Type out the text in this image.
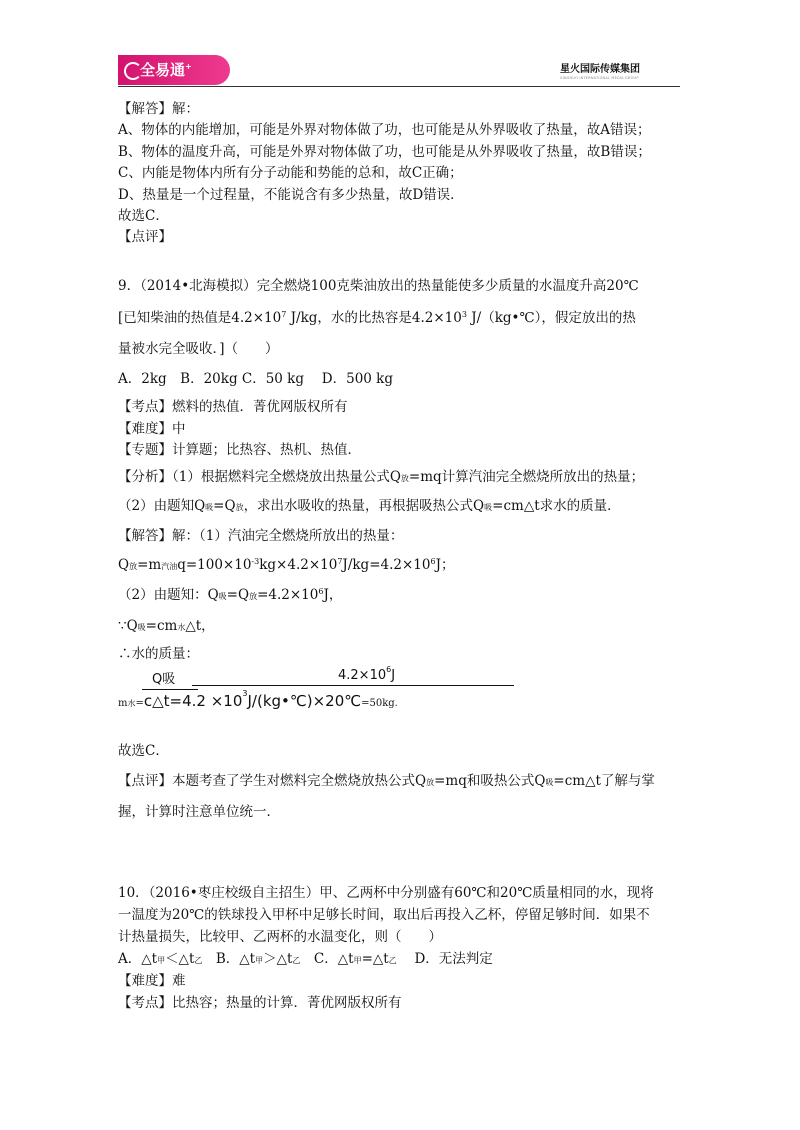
全易通+	星火国际传媒集团
XINGHUO INTERNATIONAL MEDIA GROUP
【解答】解：
A、物体的内能增加，可能是外界对物体做了功，也可能是从外界吸收了热量，故A错误；
B、物体的温度升高，可能是外界对物体做了功，也可能是从外界吸收了热量，故B错误；
C、内能是物体内所有分子动能和势能的总和，故C正确；
D、热量是一个过程量，不能说含有多少热量，故D错误．
故选C．
【点评】
9．（2014•北海模拟）完全燃烧100克柴油放出的热量能使多少质量的水温度升高20℃
[已知柴油的热值是$4.2\times 10^7$ J/kg，水的比热容是$4.2\times 10^3$ J/（kg•℃），假定放出的热
量被水完全吸收．]（　　）
A．2kg　B．20kg C．50 kg　 D．500 kg
【考点】燃料的热值．菁优网版权所有
【难度】中
【专题】计算题；比热容、热机、热值．
【分析】（1）根据燃料完全燃烧放出热量公式Q放=mq计算汽油完全燃烧所放出的热量；
（2）由题知Q吸=Q放，求出水吸收的热量，再根据吸热公式Q吸=cm△t求水的质量．
【解答】解：（1）汽油完全燃烧所放出的热量：
Q放=m汽油$q=100\times 10^{-3}kg\times 4.2\times 10^7J/kg=4.2\times 10^6J$；
（2）由题知：Q吸=Q放$=4.2\times 10^6J$，
∵Q吸=cm水△t，
∴水的质量：
Q吸	$4.2\times 10^6J$
m水=c△t=4.2 $\times 10^3J/(kg•℃)\times 20℃=50kg$.
故选C．
【点评】本题考查了学生对燃料完全燃烧放热公式Q放=mq和吸热公式Q吸=cm△t了解与掌
握，计算时注意单位统一．
10．（2016•枣庄校级自主招生）甲、乙两杯中分别盛有60℃和20℃质量相同的水，现将
一温度为20℃的铁球投入甲杯中足够长时间，取出后再投入乙杯，停留足够时间．如果不
计热量损失，比较甲、乙两杯的水温变化，则（　　）
A．△t甲＜△t乙　B．△t甲＞△t乙　C．△t甲=△t乙　 D．无法判定
【难度】难
【考点】比热容；热量的计算．菁优网版权所有
